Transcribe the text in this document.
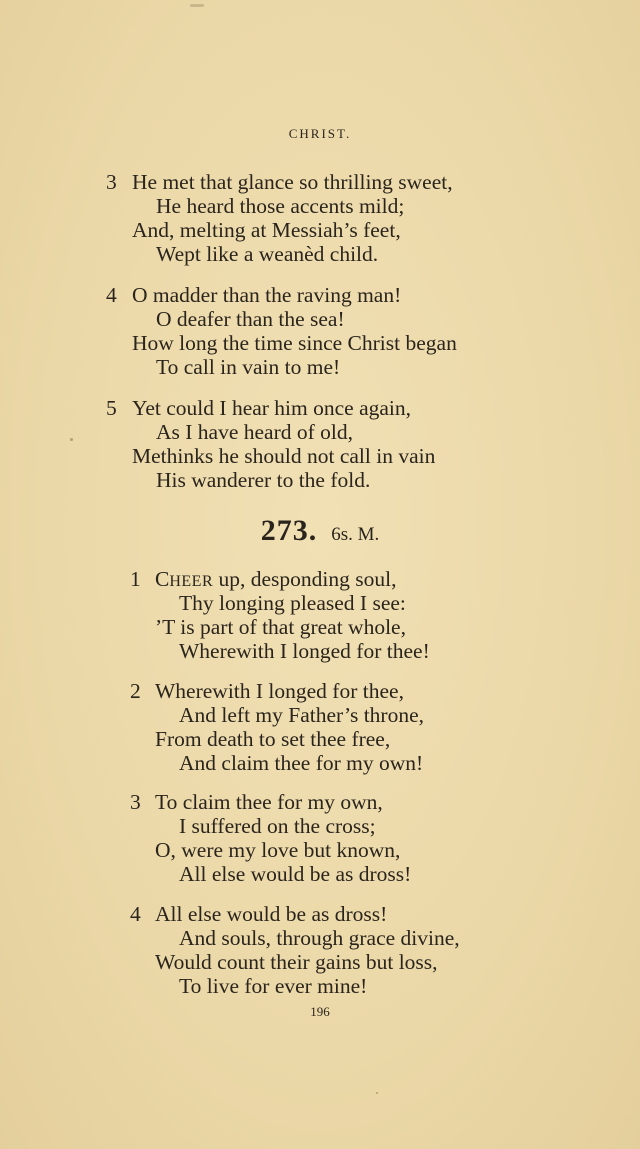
CHRIST.
3 He met that glance so thrilling sweet,
He heard those accents mild;
And, melting at Messiah’s feet,
Wept like a weanèd child.
4 O madder than the raving man!
O deafer than the sea!
How long the time since Christ began
To call in vain to me!
5 Yet could I hear him once again,
As I have heard of old,
Methinks he should not call in vain
His wanderer to the fold.
273. 6s. M.
1 CHEER up, desponding soul,
Thy longing pleased I see:
’T is part of that great whole,
Wherewith I longed for thee!
2 Wherewith I longed for thee,
And left my Father’s throne,
From death to set thee free,
And claim thee for my own!
3 To claim thee for my own,
I suffered on the cross;
O, were my love but known,
All else would be as dross!
4 All else would be as dross!
And souls, through grace divine,
Would count their gains but loss,
To live for ever mine!
196
